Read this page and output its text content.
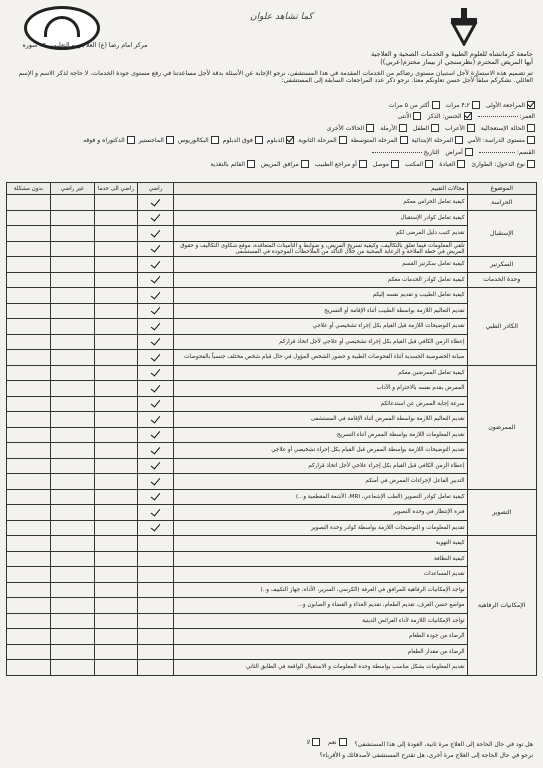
کما تشاهد علوان
مركز امام رضا (ع) العلاجي و التعليمي ۱۹ سوره
جامعة كرمانشاه للعلوم الطبية و الخدمات الصحية و العلاجية
أيها المريض المحترم (نظرسنجي از بيمار محترم(عربي))
تم تصميم هذه الاستمارة لأجل استبيان مستوى رضاكم من الخدمات المقدمة في هذا المستشفى، نرجو الإجابة عن الأسئلة بدقة لأجل مساعدتنا في رفع مستوى جودة الخدمات. لا حاجة لذكر الاسم و الإسم العائلي. نشكركم سلفاً لأجل حسن تعاونكم معنا. نرجو ذكر عدد المراجعات السابقة إلى المستشفى:
المراجعة الأولى
۲ـ۴ مرات
أكثر من ۵ مرات
العمر:
الجنس: الذكر
الاُنثى
الحالة الإستعجالية
الأعراب
الطفل
الأرملة
الحالات الأخرى
مستوى الدراسة: الأمي
المرحلة الإبتدائية
المرحلة المتوسطة
المرحلة الثانوية
الدبلوم
فوق الدبلوم
البكالوريوس
الماجستير
الدكتوراه و فوقه
القسم:
أمراض
التاريخ
نوع الدخول: الطوارئ
العيادة
المكتب
موصل
أو مراجع الطبيب
مرافق المريض
القائم بالتغذية
الموضوع	مجالات التقييم	راضي	راضي الى حدما	غير راضي	بدون مشكلة
الحراسة	كيفية تعامل الحراس معكم				
الإستقبال	كيفية تعامل كوادر الإستقبال				
	تقديم كتيب دليل المرضى لكم				
	تلقي المعلومات فيما تعلق بالتكاليف، وكيفية تسريح المريض، و ضوابط و التأمينات المتعاقدة، موقع شكاوى التكاليف و حقوق المريض في خطة الملاحة و الرعاية الصحية من خلال التأكد من الملاحظات الموجودة في المستشفى				
السكرتير	كيفية تعامل سكرتير القسم				
وحدة الخدمات	كيفية تعامل كوادر الخدمات معكم				
الكادر الطبي	كيفية تعامل الطبيب و تقديم نفسه إليكم				
	تقديم التعاليم اللازمة بواسطة الطبيب أثناء الإقامة أو التسريح				
	تقديم التوضيحات اللازمة قبل القيام بكل إجراء تشخيصي أو علاجي				
	إعطاء الزمن الكافي قبل القيام بكل إجراء تشخيصي أو علاجي لأجل اتخاذ قراركم				
	صيانة الخصوصية الجسدية أثناء الفحوصات الطبية و حضور الشخص المؤول في حال قيام شخص مختلف جنسياً بالفحوصات				
الممرضون	كيفية تعامل الممرضين معكم				
	الممرض يقدم نفسه بالاحترام و الآداب				
	سرعة إجابة الممرض عن استدعائكم				
	تقديم التعاليم اللازمة بواسطة الممرض أثناء الإقامة في المستشفى				
	تقديم المعلومات اللازمة بواسطة الممرض أثناء التسريح				
	تقديم التوضيحات اللازمة بواسطة الممرض قبل القيام بكل إجراء تشخيصي أو علاجي				
	إعطاء الزمن الكافي قبل القيام بكل إجراء علاجي لأجل اتخاذ قراركم				
	التدبير الفاعل لإجراءات الممرض في أمنكم				
التصوير	كيفية تعامل كوادر التصوير (الطب الإشعاعي، MRI، الأشعة المقطعية و...)				
	فترة الإنتظار في وحدة التصوير				
	تقديم المعلومات و التوضيحات اللازمة بواسطة كوادر وحدة التصوير				
الإمكانيات الرفاهية	كيفية التهوية				
	كيفية النظافة				
	تقديم المساعدات				
	تواجد الإمكانيات الرفاهية للمرافق في الغرفة (الكرسي، السرير، الأداة، جهاز التكييف و..)				
	مواضع حسن الغرف، تقديم الطعام، تقديم الغذاء و القضاء و الصابون و...				
	تواجد الإمكانيات اللازمة لأداء الفرائض الدينية				
	الرضاء من جودة الطعام				
	الرضاء من مقدار الطعام				
	تقديم المعلومات بشكل مناسب بواسطة وحدة المعلومات و الاستقبال الواقعة في الطابق الثاني				
هل تود في حال الحاجة إلى العلاج مرة ثانية، العودة إلى هذا المستشفى؟
نعم

لا
نرجو في حال الحاجة إلى العلاج مرة أخرى، هل تقترح المستشفى لأصدقائك و الأقرباء؟
